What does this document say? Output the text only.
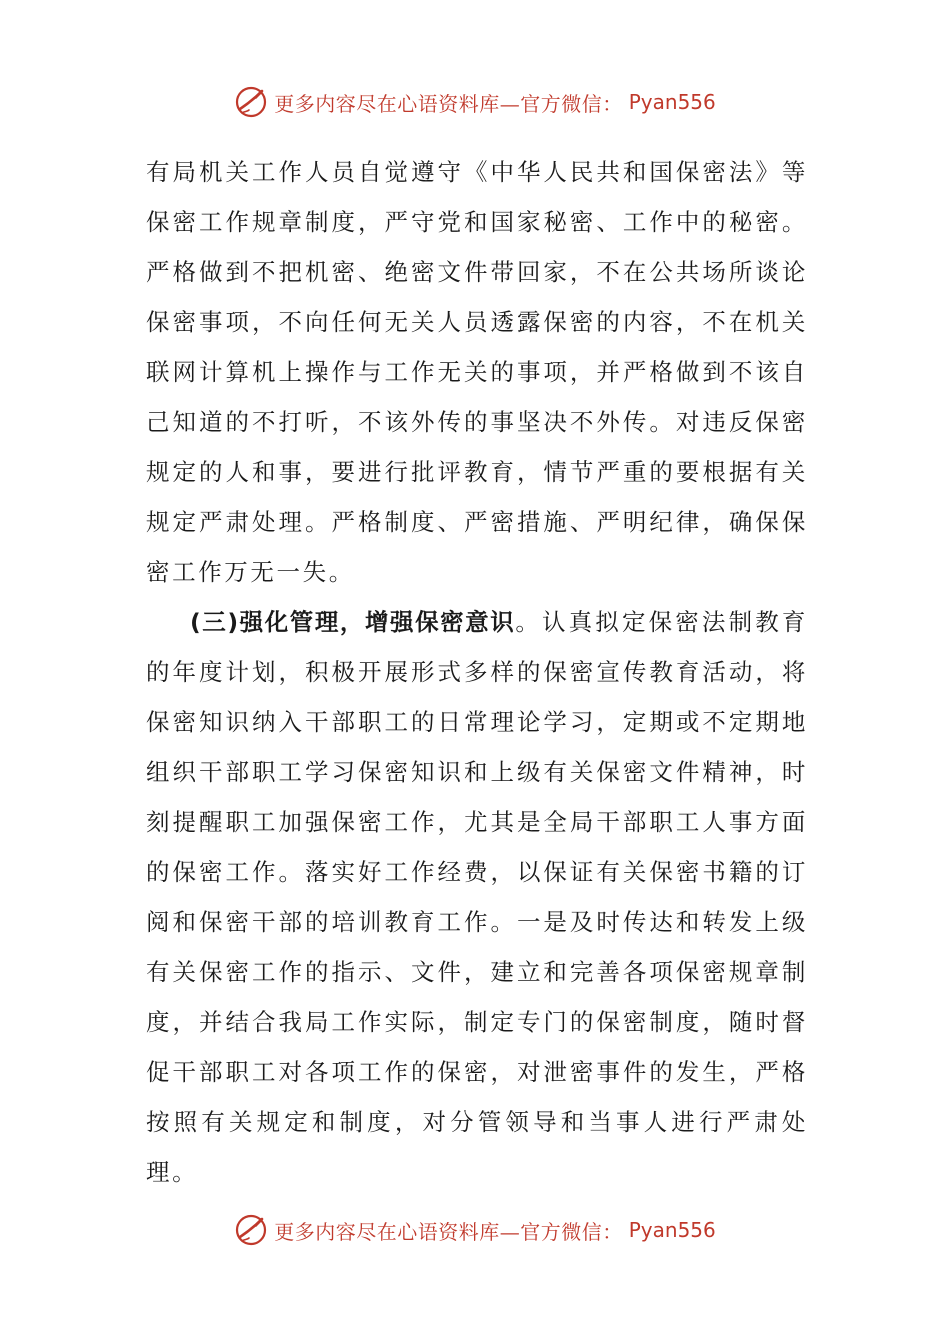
更多内容尽在心语资料库—官方微信： Pyan556

有局机关工作人员自觉遵守《中华人民共和国保密法》等保密工作规章制度，严守党和国家秘密、工作中的秘密。严格做到不把机密、绝密文件带回家，不在公共场所谈论保密事项，不向任何无关人员透露保密的内容，不在机关联网计算机上操作与工作无关的事项，并严格做到不该自己知道的不打听，不该外传的事坚决不外传。对违反保密规定的人和事，要进行批评教育，情节严重的要根据有关规定严肃处理。严格制度、严密措施、严明纪律，确保保密工作万无一失。

(三)强化管理，增强保密意识。认真拟定保密法制教育的年度计划，积极开展形式多样的保密宣传教育活动，将保密知识纳入干部职工的日常理论学习，定期或不定期地组织干部职工学习保密知识和上级有关保密文件精神，时刻提醒职工加强保密工作，尤其是全局干部职工人事方面的保密工作。落实好工作经费，以保证有关保密书籍的订阅和保密干部的培训教育工作。一是及时传达和转发上级有关保密工作的指示、文件，建立和完善各项保密规章制度，并结合我局工作实际，制定专门的保密制度，随时督促干部职工对各项工作的保密，对泄密事件的发生，严格按照有关规定和制度，对分管领导和当事人进行严肃处理。

更多内容尽在心语资料库—官方微信： Pyan556
